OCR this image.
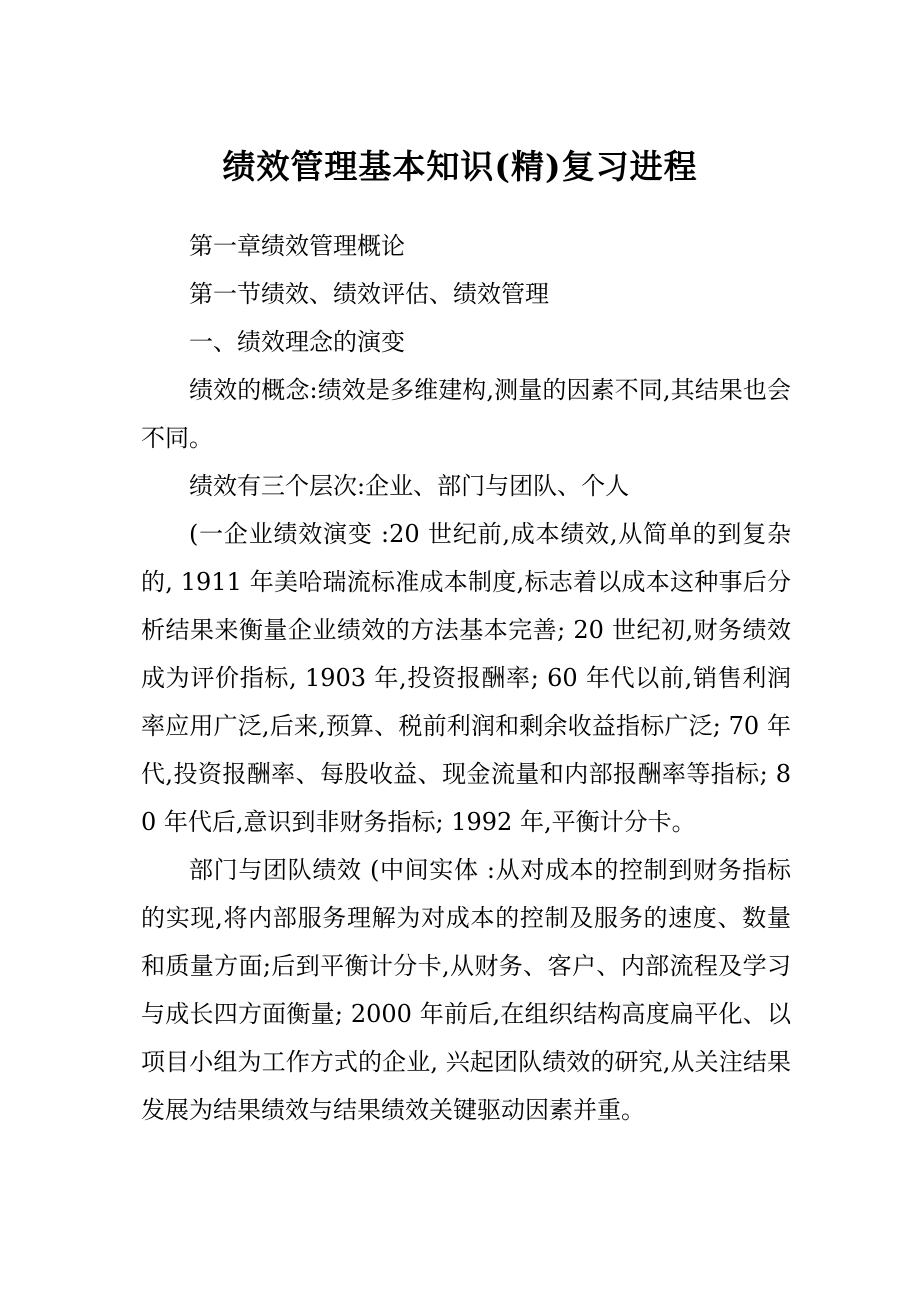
绩效管理基本知识(精)复习进程

第一章绩效管理概论

第一节绩效、绩效评估、绩效管理

一、绩效理念的演变

绩效的概念:绩效是多维建构,测量的因素不同,其结果也会不同。

绩效有三个层次:企业、部门与团队、个人

(一企业绩效演变 :20 世纪前,成本绩效,从简单的到复杂的, 1911 年美哈瑞流标准成本制度,标志着以成本这种事后分析结果来衡量企业绩效的方法基本完善; 20 世纪初,财务绩效成为评价指标, 1903 年,投资报酬率; 60 年代以前,销售利润率应用广泛,后来,预算、税前利润和剩余收益指标广泛; 70 年代,投资报酬率、每股收益、现金流量和内部报酬率等指标; 80 年代后,意识到非财务指标; 1992 年,平衡计分卡。

部门与团队绩效 (中间实体 :从对成本的控制到财务指标的实现,将内部服务理解为对成本的控制及服务的速度、数量和质量方面;后到平衡计分卡,从财务、客户、内部流程及学习与成长四方面衡量; 2000 年前后,在组织结构高度扁平化、以项目小组为工作方式的企业, 兴起团队绩效的研究,从关注结果发展为结果绩效与结果绩效关键驱动因素并重。
